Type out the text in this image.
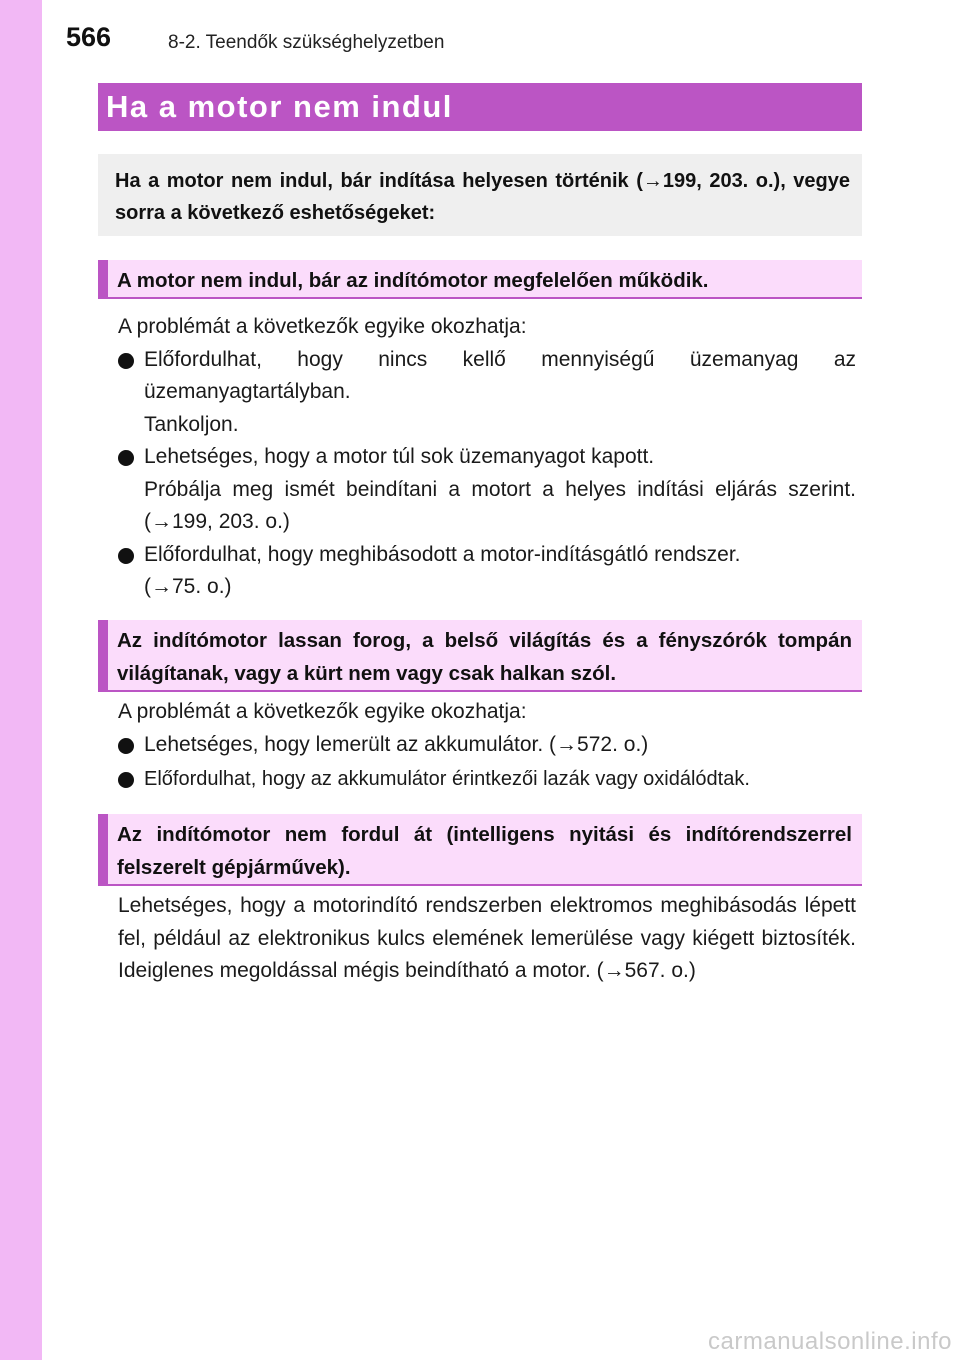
566	8-2. Teendők szükséghelyzetben
Ha a motor nem indul
Ha a motor nem indul, bár indítása helyesen történik (→199, 203. o.), vegye sorra a következő eshetőségeket:
A motor nem indul, bár az indítómotor megfelelően működik.
A problémát a következők egyike okozhatja:
Előfordulhat, hogy nincs kellő mennyiségű üzemanyag az üzemanyagtartályban.
Tankoljon.
Lehetséges, hogy a motor túl sok üzemanyagot kapott.
Próbálja meg ismét beindítani a motort a helyes indítási eljárás szerint. (→199, 203. o.)
Előfordulhat, hogy meghibásodott a motor-indításgátló rendszer.
(→75. o.)
Az indítómotor lassan forog, a belső világítás és a fényszórók tompán világítanak, vagy a kürt nem vagy csak halkan szól.
A problémát a következők egyike okozhatja:
Lehetséges, hogy lemerült az akkumulátor. (→572. o.)
Előfordulhat, hogy az akkumulátor érintkezői lazák vagy oxidálódtak.
Az indítómotor nem fordul át (intelligens nyitási és indítórendszerrel felszerelt gépjárművek).
Lehetséges, hogy a motorindító rendszerben elektromos meghibásodás lépett fel, például az elektronikus kulcs elemének lemerülése vagy kiégett biztosíték. Ideiglenes megoldással mégis beindítható a motor. (→567. o.)
carmanualsonline.info
